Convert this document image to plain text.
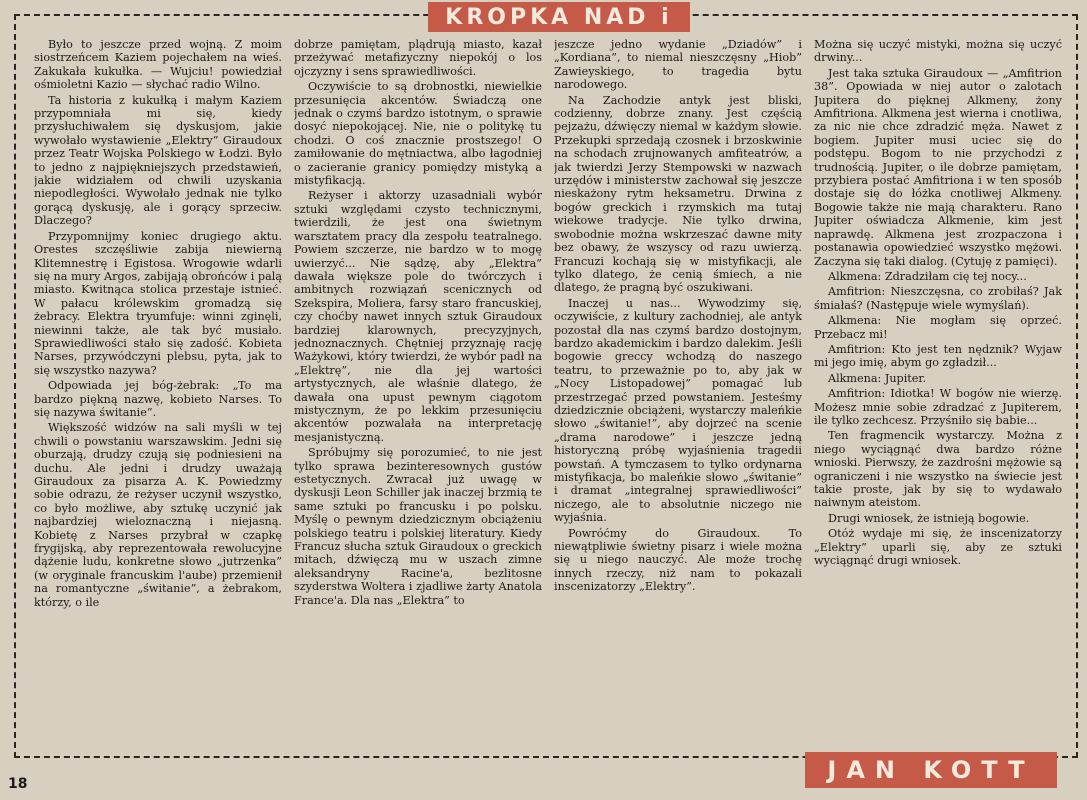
KROPKA NAD i

Było to jeszcze przed wojną. Z moim siostrzeńcem Kaziem pojechałem na wieś. Zakukała kukułka. — Wujciu! powiedział ośmioletni Kazio — słychać radio Wilno.

Ta historia z kukułką i małym Kaziem przypomniała mi się, kiedy przysłuchiwałem się dyskusjom, jakie wywołało wystawienie „Elektry” Giraudoux przez Teatr Wojska Polskiego w Łodzi. Było to jedno z najpiękniejszych przedstawień, jakie widziałem od chwili uzyskania niepodległości. Wywołało jednak nie tylko gorącą dyskusję, ale i gorący sprzeciw. Dlaczego?

Przypomnijmy koniec drugiego aktu. Orestes szczęśliwie zabija niewierną Klitemnestrę i Egistosa. Wrogowie wdarli się na mury Argos, zabijają obrońców i palą miasto. Kwitnąca stolica przestaje istnieć. W pałacu królewskim gromadzą się żebracy. Elektra tryumfuje: winni zginęli, niewinni także, ale tak być musiało. Sprawiedliwości stało się zadość. Kobieta Narses, przywódczyni plebsu, pyta, jak to się wszystko nazywa?

Odpowiada jej bóg-żebrak: „To ma bardzo piękną nazwę, kobieto Narses. To się nazywa świtanie”.

Większość widzów na sali myśli w tej chwili o powstaniu warszawskim. Jedni się oburzają, drudzy czują się podniesieni na duchu. Ale jedni i drudzy uważają Giraudoux za pisarza A. K. Powiedzmy sobie odrazu, że reżyser uczynił wszystko, co było możliwe, aby sztukę uczynić jak najbardziej wieloznaczną i niejasną. Kobietę z Narses przybrał w czapkę frygijską, aby reprezentowała rewolucyjne dążenie ludu, konkretne słowo „jutrzenka” (w oryginale francuskim l'aube) przemienił na romantyczne „świtanie”, a żebrakom, którzy, o ile

dobrze pamiętam, plądrują miasto, kazał przeżywać metafizyczny niepokój o los ojczyzny i sens sprawiedliwości.

Oczywiście to są drobnostki, niewielkie przesunięcia akcentów. Świadczą one jednak o czymś bardzo istotnym, o sprawie dosyć niepokojącej. Nie, nie o politykę tu chodzi. O coś znacznie prostszego! O zamiłowanie do mętniactwa, albo łagodniej o zacieranie granicy pomiędzy mistyką a mistyfikacją.

Reżyser i aktorzy uzasadniali wybór sztuki względami czysto technicznymi, twierdzili, że jest ona świetnym warsztatem pracy dla zespołu teatralnego. Powiem szczerze, nie bardzo w to mogę uwierzyć... Nie sądzę, aby „Elektra” dawała większe pole do twórczych i ambitnych rozwiązań scenicznych od Szekspira, Moliera, farsy staro francuskiej, czy choćby nawet innych sztuk Giraudoux bardziej klarownych, precyzyjnych, jednoznacznych. Chętniej przyznaję rację Ważykowi, który twierdzi, że wybór padł na „Elektrę”, nie dla jej wartości artystycznych, ale właśnie dlatego, że dawała ona upust pewnym ciągotom mistycznym, że po lekkim przesunięciu akcentów pozwalała na interpretację mesjanistyczną.

Spróbujmy się porozumieć, to nie jest tylko sprawa bezinteresownych gustów estetycznych. Zwracał już uwagę w dyskusji Leon Schiller jak inaczej brzmią te same sztuki po francusku i po polsku. Myślę o pewnym dziedzicznym obciążeniu polskiego teatru i polskiej literatury. Kiedy Francuz słucha sztuk Giraudoux o greckich mitach, dźwięczą mu w uszach zimne aleksandryny Racine'a, bezlitosne szyderstwa Woltera i zjadliwe żarty Anatola France'a. Dla nas „Elektra” to

jeszcze jedno wydanie „Dziadów” i „Kordiana”, to niemal nieszczęsny „Hiob” Zawieyskiego, to tragedia bytu narodowego.

Na Zachodzie antyk jest bliski, codzienny, dobrze znany. Jest częścią pejzażu, dźwięczy niemal w każdym słowie. Przekupki sprzedają czosnek i brzoskwinie na schodach zrujnowanych amfiteatrów, a jak twierdzi Jerzy Stempowski w nazwach urzędów i ministerstw zachował się jeszcze nieskażony rytm heksametru. Drwina z bogów greckich i rzymskich ma tutaj wiekowe tradycje. Nie tylko drwina, swobodnie można wskrzeszać dawne mity bez obawy, że wszyscy od razu uwierzą. Francuzi kochają się w mistyfikacji, ale tylko dlatego, że cenią śmiech, a nie dlatego, że pragną być oszukiwani.

Inaczej u nas... Wywodzimy się, oczywiście, z kultury zachodniej, ale antyk pozostał dla nas czymś bardzo dostojnym, bardzo akademickim i bardzo dalekim. Jeśli bogowie greccy wchodzą do naszego teatru, to przeważnie po to, aby jak w „Nocy Listopadowej” pomagać lub przestrzegać przed powstaniem. Jesteśmy dziedzicznie obciążeni, wystarczy maleńkie słowo „świtanie!”, aby dojrzeć na scenie „drama narodowe” i jeszcze jedną historyczną próbę wyjaśnienia tragedii powstań. A tymczasem to tylko ordynarna mistyfikacja, bo maleńkie słowo „świtanie” i dramat „integralnej sprawiedliwości” niczego, ale to absolutnie niczego nie wyjaśnia.

Powróćmy do Giraudoux. To niewątpliwie świetny pisarz i wiele można się u niego nauczyć. Ale może trochę innych rzeczy, niż nam to pokazali inscenizatorzy „Elektry”.

Można się uczyć mistyki, można się uczyć drwiny...

Jest taka sztuka Giraudoux — „Amfitrion 38”. Opowiada w niej autor o zalotach Jupitera do pięknej Alkmeny, żony Amfitriona. Alkmena jest wierna i cnotliwa, za nic nie chce zdradzić męża. Nawet z bogiem. Jupiter musi uciec się do podstępu. Bogom to nie przychodzi z trudnością. Jupiter, o ile dobrze pamiętam, przybiera postać Amfitriona i w ten sposób dostaje się do łóżka cnotliwej Alkmeny. Bogowie także nie mają charakteru. Rano Jupiter oświadcza Alkmenie, kim jest naprawdę. Alkmena jest zrozpaczona i postanawia opowiedzieć wszystko mężowi. Zaczyna się taki dialog. (Cytuję z pamięci).

Alkmena: Zdradziłam cię tej nocy...

Amfitrion: Nieszczęsna, co zrobiłaś? Jak śmiałaś? (Następuje wiele wymyślań).

Alkmena: Nie mogłam się oprzeć. Przebacz mi!

Amfitrion: Kto jest ten nędznik? Wyjaw mi jego imię, abym go zgładził...

Alkmena: Jupiter.

Amfitrion: Idiotka! W bogów nie wierzę. Możesz mnie sobie zdradzać z Jupiterem, ile tylko zechcesz. Przyśniło się babie...

Ten fragmencik wystarczy. Można z niego wyciągnąć dwa bardzo różne wnioski. Pierwszy, że zazdrośni mężowie są ograniczeni i nie wszystko na świecie jest takie proste, jak by się to wydawało naiwnym ateistom.

Drugi wniosek, że istnieją bogowie.

Otóż wydaje mi się, że inscenizatorzy „Elektry” uparli się, aby ze sztuki wyciągnąć drugi wniosek.

18	JAN KOTT
